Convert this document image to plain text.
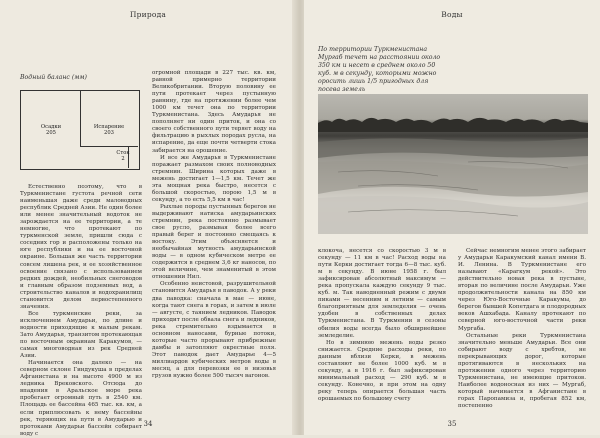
Природа
Водный баланс (мм)
Осадки
205
Испарение
203
Сток
2

Естественно поэтому, что в Туркменистане густота речной сети наименьшая даже среди маловодных республик Средней Азии. Не один более или менее значительный водоток не зарождается на ее территории, а те немногие, что протекают по туркменской земле, пришли сюда с соседних гор и расположены только на юге республики и на ее восточной окраине. Большая же часть территории совсем лишена рек, и ее хозяйственное освоение связано с использованием редких дождей, необильных снеговодов и главным образом подземных вод, а строительство каналов и водохранилищ становится делом первостепенного значения.

Все туркменские реки, за исключением Амударьи, по длине и водности приходящие к малым рекам. Зато Амударья, транзитом протекающая по восточным окраинам Каракумов, — самая многоводная из рек Средней Азии.

Начинается она далеко — на северном склоне Гиндукуша в пределах Афганистана и на высоте 4900 м из ледника Врековского. Отсюда до впадения в Аральское море река пробегает огромный путь в 2540 км. Площадь ее бассейна 465 тыс. кв. км, а если приплюсовать к нему бассейны рек, теряющих на пути в Амударью и протоками Амударьи бассейн собирает воду с

огромной площади в 227 тыс. кв. км, равной примерно территории Великобритании. Вторую половину ее пути протекает через пустынную равнину, где на протяжении более чем 1000 км течет она по территории Туркменистана. Здесь Амударья не пополняет ни один приток, и она со своего собственного пути теряет воду на фильтрацию в рыхлых породах русла, на испарение, да еще почти четверти стока забирается на орошение.

И все же Амударья в Туркменистане поражает размахом своих полноводных стремнин. Ширина которых даже в межень достигает 1—1,5 км. Течет же эта мощная река быстро, несется с большой скоростью, порою 1,5 м в секунду, а то есть 5,5 км в час!

Рыхлые породы пустынных берегов не выдерживают натиска амударьинских стремнин, река постоянно размывает свое русло, размывая более всего правый берег и постоянно смещаясь к востоку. Этим объясняется и необычайная мутность амударьинской воды — в одном кубическом метре ее содержится в среднем 3,6 кг наносов, по этой величине, чем знаменитый в этом отношении Нил.

Особенно неистовой, разрушительной становится Амударья в паводок. А у реки два паводка: сначала в мае — июне, когда тают снега в горах, и затем в июле — августе, с таянием ледников. Паводок приходит после обвала снега и ледников, река стремительно вздымается в основном наносами, бурные потоки, которые часто прорывают прибрежные дамбы и затопляют окрестные поля. Этот паводок дает Амударье 4—5 миллиардов кубических метров воды в месяц, а для перевозки ее в низовья грузов нужно более 500 тысяч вагонов.

34
Воды
По территории Туркменистана Мургаб течет на расстоянии около 350 км и несет в среднем около 50 куб. м в секунду, которыми можно оросить лишь 1/5 пригодных для посева земель

клокоча, несется со скоростью 3 м в секунду — 11 км в час! Расход воды на пути Керки достигает тогда 6—8 тыс. куб. м в секунду. В июне 1958 г. был зафиксирован абсолютный максимум — река пропускала каждую секунду 9 тыс. куб. м. Так наводненный режим с двумя пиками — весенним и летним — самым благоприятным для земледелия — очень удобен в собственных делах Туркменистана. В Туркмении в сезоны обилия воды всегда было обширнейшее земледелие.

Но в зимнюю межень воды резко снижается. Средние расходы реки, по данным вблизи Керки, в межень составляют не более 1000 куб. м в секунду, а в 1916 г. был зафиксирован минимальный расход — 290 куб. м в секунду. Конечно, и при этом на одну реку теперь опирается большая часть орошаемых по большому счету

Сейчас немногим менее этого забирает у Амударьи Каракумский канал имени В. И. Ленина. В Туркменистане его называют «Карагкум рекой». Это действительно новая река в пустыне, вторая по величине после Амударьи. Уже продолжительности канала на 850 км через Юго-Восточные Каракумы, до берегов бывшей Копетдага и плодородных веков Ашхабада. Каналу протекают по северной юго-восточной части реки Мургаба.

Остальные реки Туркменистана значительно меньше Амударьи. Все они собирают воду с хребтов, не перекрывающих дорог, которые протягиваются в нескольких на протяжении одного через территорию Туркменистана, не имеющие притоков. Наиболее водоносная из них — Мургаб, который начинается в Афганистане в горах Паропамиза и, пробегая 852 км, постепенно

35
